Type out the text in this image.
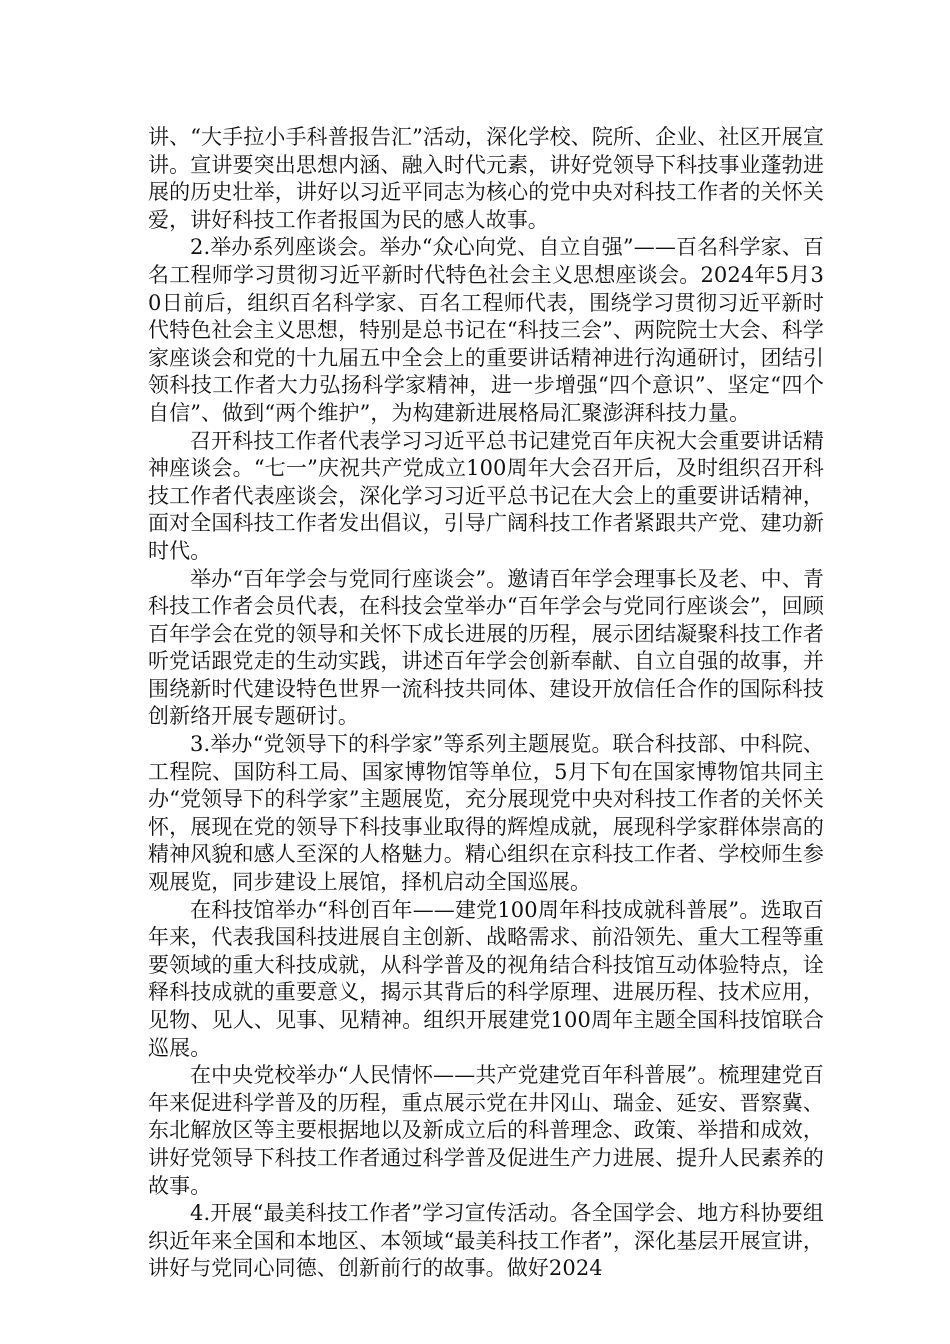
讲、“大手拉小手科普报告汇”活动，深化学校、院所、企业、社区开展宣讲。宣讲要突出思想内涵、融入时代元素，讲好党领导下科技事业蓬勃进展的历史壮举，讲好以习近平同志为核心的党中央对科技工作者的关怀关爱，讲好科技工作者报国为民的感人故事。

2.举办系列座谈会。举办“众心向党、自立自强”——百名科学家、百名工程师学习贯彻习近平新时代特色社会主义思想座谈会。2024年5月30日前后，组织百名科学家、百名工程师代表，围绕学习贯彻习近平新时代特色社会主义思想，特别是总书记在“科技三会”、两院院士大会、科学家座谈会和党的十九届五中全会上的重要讲话精神进行沟通研讨，团结引领科技工作者大力弘扬科学家精神，进一步增强“四个意识”、坚定“四个自信”、做到“两个维护”，为构建新进展格局汇聚澎湃科技力量。

召开科技工作者代表学习习近平总书记建党百年庆祝大会重要讲话精神座谈会。“七一”庆祝共产党成立100周年大会召开后，及时组织召开科技工作者代表座谈会，深化学习习近平总书记在大会上的重要讲话精神，面对全国科技工作者发出倡议，引导广阔科技工作者紧跟共产党、建功新时代。

举办“百年学会与党同行座谈会”。邀请百年学会理事长及老、中、青科技工作者会员代表，在科技会堂举办“百年学会与党同行座谈会”，回顾百年学会在党的领导和关怀下成长进展的历程，展示团结凝聚科技工作者听党话跟党走的生动实践，讲述百年学会创新奉献、自立自强的故事，并围绕新时代建设特色世界一流科技共同体、建设开放信任合作的国际科技创新络开展专题研讨。

3.举办“党领导下的科学家”等系列主题展览。联合科技部、中科院、工程院、国防科工局、国家博物馆等单位，5月下旬在国家博物馆共同主办“党领导下的科学家”主题展览，充分展现党中央对科技工作者的关怀关怀，展现在党的领导下科技事业取得的辉煌成就，展现科学家群体崇高的精神风貌和感人至深的人格魅力。精心组织在京科技工作者、学校师生参观展览，同步建设上展馆，择机启动全国巡展。

在科技馆举办“科创百年——建党100周年科技成就科普展”。选取百年来，代表我国科技进展自主创新、战略需求、前沿领先、重大工程等重要领域的重大科技成就，从科学普及的视角结合科技馆互动体验特点，诠释科技成就的重要意义，揭示其背后的科学原理、进展历程、技术应用，见物、见人、见事、见精神。组织开展建党100周年主题全国科技馆联合巡展。

在中央党校举办“人民情怀——共产党建党百年科普展”。梳理建党百年来促进科学普及的历程，重点展示党在井冈山、瑞金、延安、晋察冀、东北解放区等主要根据地以及新成立后的科普理念、政策、举措和成效，讲好党领导下科技工作者通过科学普及促进生产力进展、提升人民素养的故事。

4.开展“最美科技工作者”学习宣传活动。各全国学会、地方科协要组织近年来全国和本地区、本领域“最美科技工作者”，深化基层开展宣讲，讲好与党同心同德、创新前行的故事。做好2024
